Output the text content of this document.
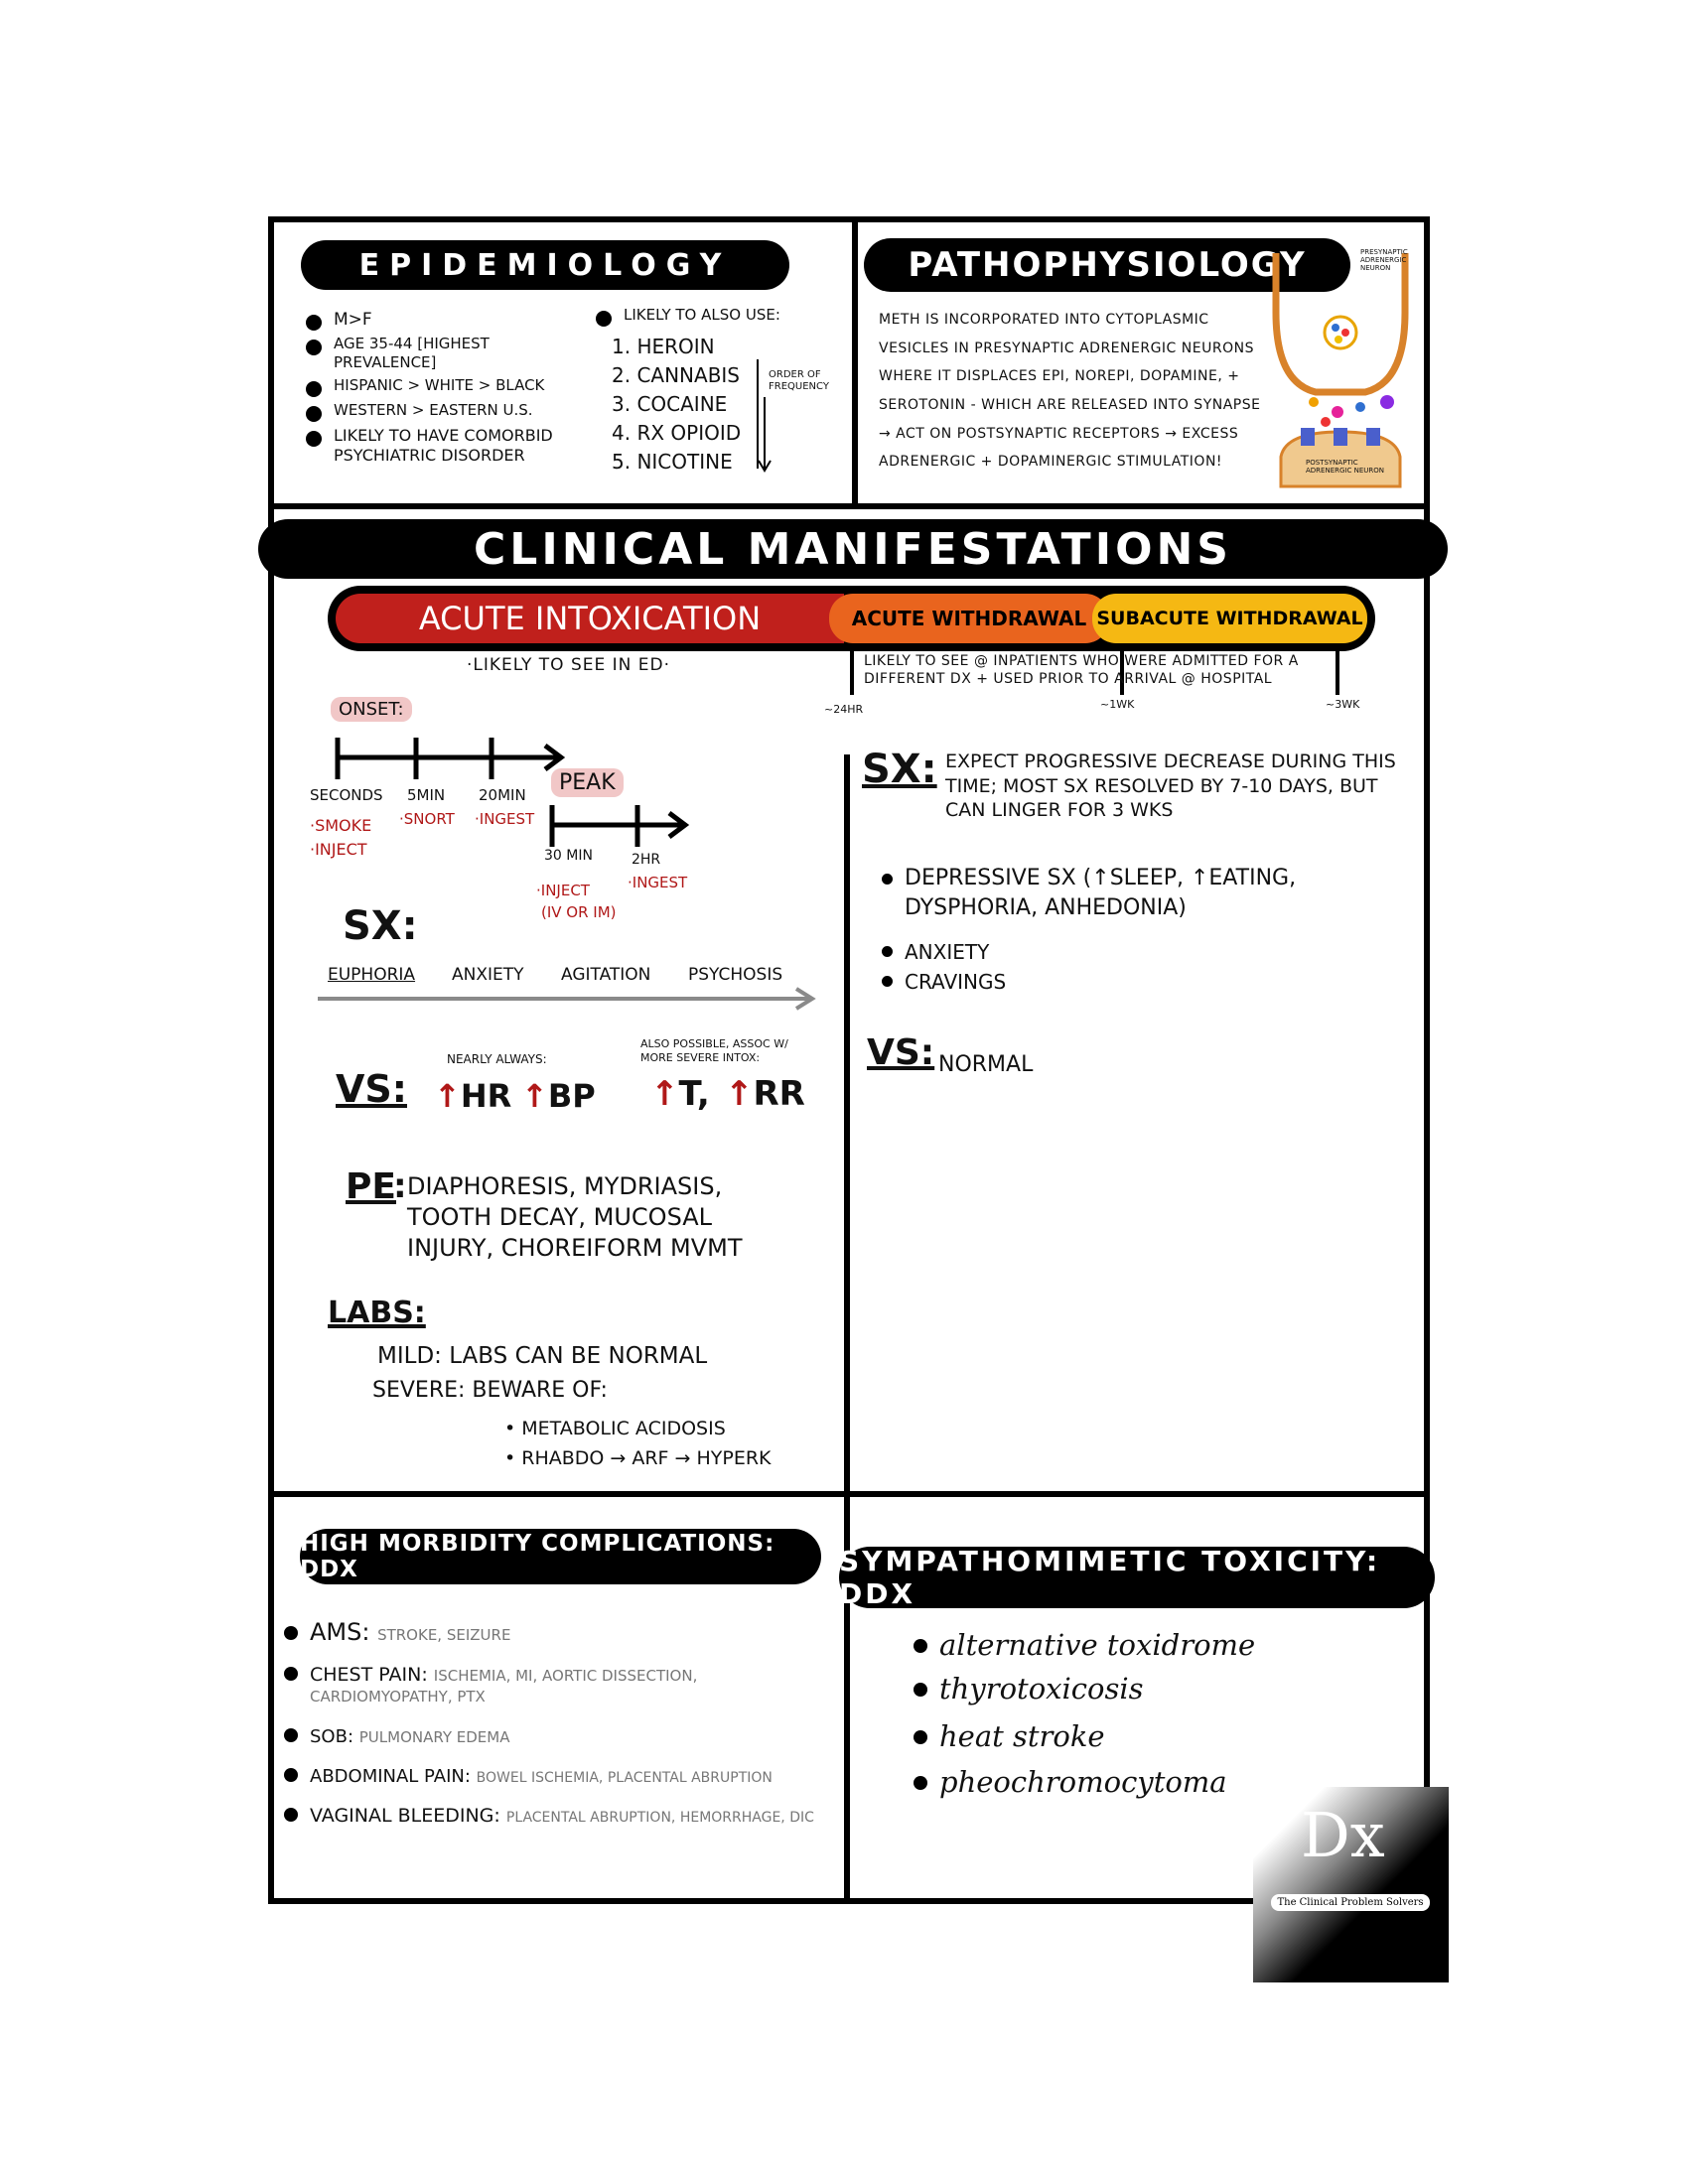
EPIDEMIOLOGY
M>F
AGE 35-44 [HIGHEST PREVALENCE]
HISPANIC > WHITE > BLACK
WESTERN > EASTERN U.S.
LIKELY TO HAVE COMORBID PSYCHIATRIC DISORDER
LIKELY TO ALSO USE:
1. HEROIN
2. CANNABIS
3. COCAINE
4. RX OPIOID
5. NICOTINE
ORDER OF FREQUENCY
PATHOPHYSIOLOGY
METH IS INCORPORATED INTO CYTOPLASMIC VESICLES IN PRESYNAPTIC ADRENERGIC NEURONS WHERE IT DISPLACES EPI, NOREPI, DOPAMINE, + SEROTONIN - WHICH ARE RELEASED INTO SYNAPSE → ACT ON POSTSYNAPTIC RECEPTORS → EXCESS ADRENERGIC + DOPAMINERGIC STIMULATION!
PRESYNAPTIC ADRENERGIC NEURON
POSTSYNAPTIC ADRENERGIC NEURON
CLINICAL MANIFESTATIONS
ACUTE INTOXICATION	ACUTE WITHDRAWAL SUBACUTE WITHDRAWAL
·LIKELY TO SEE IN ED·	LIKELY TO SEE @ INPATIENTS WHO WERE ADMITTED FOR A DIFFERENT DX + USED PRIOR TO ARRIVAL @ HOSPITAL
~24HR	~1WK	~3WK
ONSET:
SECONDS
·SMOKE
·INJECT
5MIN
·SNORT
20MIN
·INGEST
PEAK
30 MIN
·INJECT
(IV OR IM)
2HR
·INGEST
SX:
EUPHORIA ANXIETY AGITATION PSYCHOSIS
VS:
NEARLY ALWAYS:
ALSO POSSIBLE, ASSOC W/ MORE SEVERE INTOX:
↑HR ↑BP ↑T, ↑RR
PE
: DIAPHORESIS, MYDRIASIS, TOOTH DECAY, MUCOSAL INJURY, CHOREIFORM MVMT
LABS:
MILD: LABS CAN BE NORMAL
SEVERE: BEWARE OF:
• METABOLIC ACIDOSIS
• RHABDO → ARF → HYPERK
SX: EXPECT PROGRESSIVE DECREASE DURING THIS TIME; MOST SX RESOLVED BY 7-10 DAYS, BUT CAN LINGER FOR 3 WKS
DEPRESSIVE SX (↑SLEEP, ↑EATING, DYSPHORIA, ANHEDONIA)
ANXIETY
CRAVINGS
VS: NORMAL
HIGH MORBIDITY COMPLICATIONS: DDX
AMS: STROKE, SEIZURE
CHEST PAIN: ISCHEMIA, MI, AORTIC DISSECTION, CARDIOMYOPATHY, PTX
SOB: PULMONARY EDEMA
ABDOMINAL PAIN: BOWEL ISCHEMIA, PLACENTAL ABRUPTION
VAGINAL BLEEDING: PLACENTAL ABRUPTION, HEMORRHAGE, DIC
SYMPATHOMIMETIC TOXICITY: DDX
alternative toxidrome
thyrotoxicosis
heat stroke
pheochromocytoma
Dx
The Clinical Problem Solvers
